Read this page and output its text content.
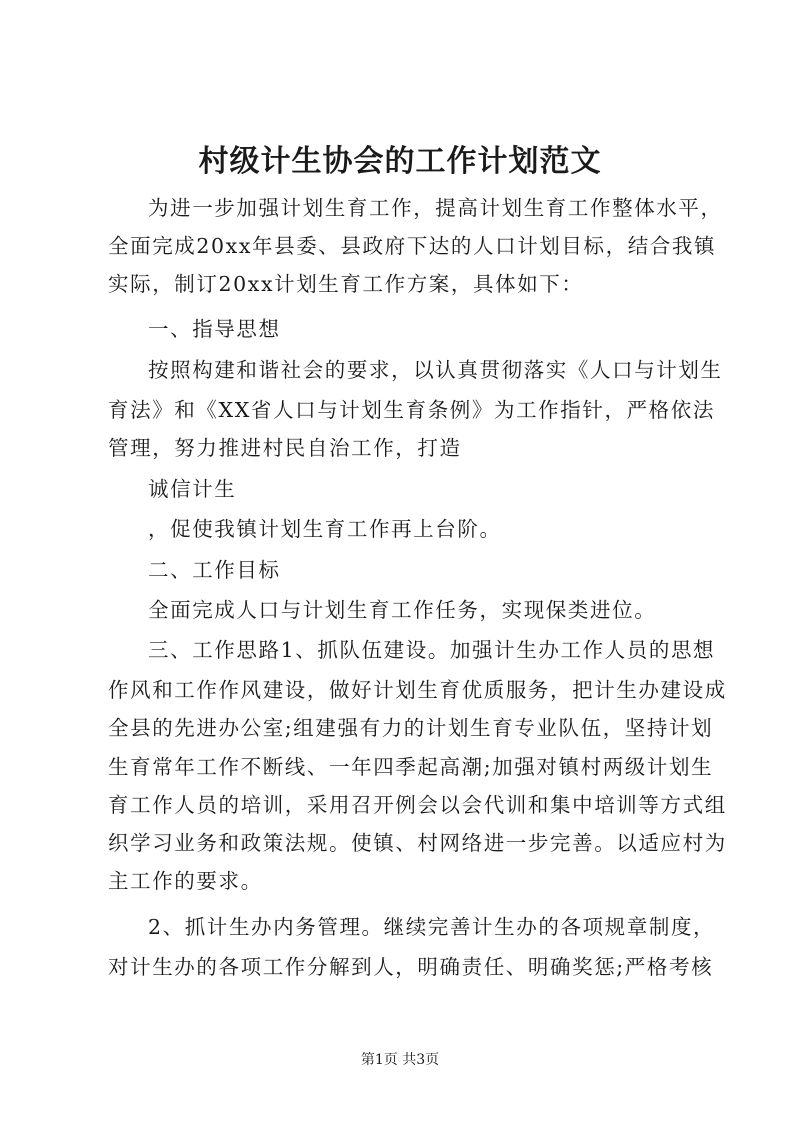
村级计生协会的工作计划范文
为进一步加强计划生育工作，提高计划生育工作整体水平，
全面完成20xx年县委、县政府下达的人口计划目标，结合我镇
实际，制订20xx计划生育工作方案，具体如下：
一、指导思想
按照构建和谐社会的要求，以认真贯彻落实《人口与计划生
育法》和《XX省人口与计划生育条例》为工作指针，严格依法
管理，努力推进村民自治工作，打造
诚信计生
，促使我镇计划生育工作再上台阶。
二、工作目标
全面完成人口与计划生育工作任务，实现保类进位。
三、工作思路1、抓队伍建设。加强计生办工作人员的思想
作风和工作作风建设，做好计划生育优质服务，把计生办建设成
全县的先进办公室;组建强有力的计划生育专业队伍，坚持计划
生育常年工作不断线、一年四季起高潮;加强对镇村两级计划生
育工作人员的培训，采用召开例会以会代训和集中培训等方式组
织学习业务和政策法规。使镇、村网络进一步完善。以适应村为
主工作的要求。
2、抓计生办内务管理。继续完善计生办的各项规章制度，
对计生办的各项工作分解到人，明确责任、明确奖惩;严格考核
第1页 共3页
